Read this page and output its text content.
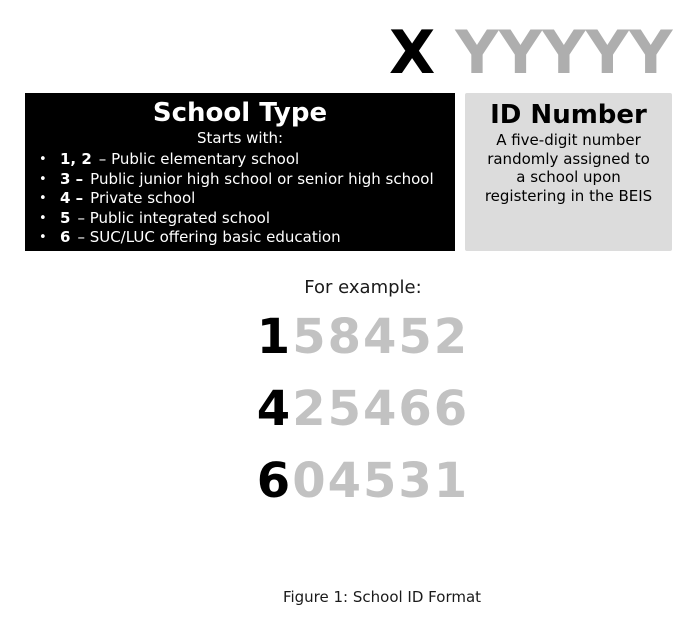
X YYYYY
School Type
Starts with:
• 1, 2 – Public elementary school
• 3 – Public junior high school or senior high school
• 4 – Private school
• 5 – Public integrated school
• 6 – SUC/LUC offering basic education
ID Number
A five-digit number
randomly assigned to
a school upon
registering in the BEIS
For example:
158452
425466
604531
Figure 1: School ID Format
